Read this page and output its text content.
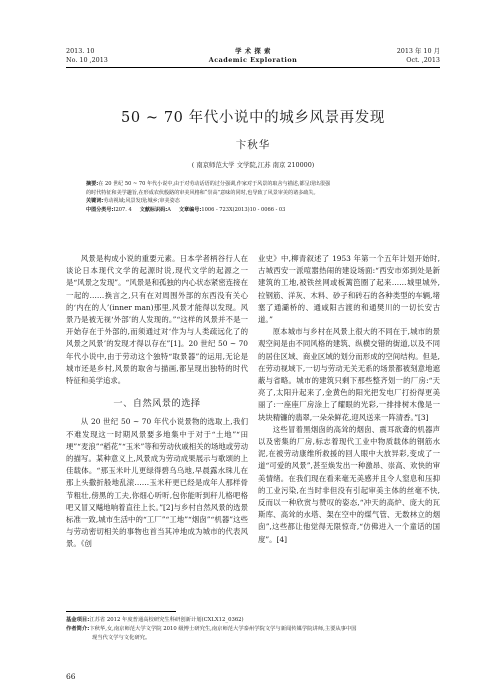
2013. 10
No. 10 ,2013
学 术 探 索
Academic Exploration
2013 年 10 月
Oct. ,2013
50 ~ 70 年代小说中的城乡风景再发现
卞秋华
( 南京师范大学 文学院,江苏 南京 210000)
摘要:在 20 世纪 50 ~ 70 年代小说中,由于对劳动话语的过分强调,作家对于风景的取舍与描述,都呈现出很强
的时代特征和美学趣旨,在形成农伙般路的审美风格和“崇高”意味的同时,也导致了风景审美的诸多疏失。
关键词:劳动视域;风景发现;城乡;审美姿态
中图分类号:I207. 4 文献标识码:A 文章编号:1006 - 723X(2013)10 - 0066 - 03

风景是构成小说的重要元素。日本学者柄谷行人在谈论日本现代文学的起源时说,现代文学的起源之一是“风景之发现”。“风景是和孤独的内心状态紧密连接在一起的……换言之,只有在对周围外部的东西没有关心的‘内在的人’(inner man)那里,风景才能得以发现。风景乃是被无视‘外部’的人发现的。”“这样的风景并不是一开始存在于外部的,而须通过对‘作为与人类疏远化了的风景之风景’的发现才得以存在”[1]。20 世纪 50 ~ 70 年代小说中,由于劳动这个独特“取景器”的运用,无论是城市还是乡村,风景的取舍与描画,都呈现出独特的时代特征和美学追求。

一、自然风景的选择

从 20 世纪 50 ~ 70 年代小说景物的选取上,我们不难发现这一时期风景要多地集中于对于“土地”“田埂”“麦浪”“稻花”“玉米”等和劳动伙戚相关的场地或劳动的描写。某种意义上,风景成为劳动成果展示与歌颂的上佳载体。“那玉米叶儿更绿得碧乌乌地,早晨露水珠儿在那上头撒折般地乱滚……玉米秆更已经是成年人那样骨节粗壮,傍黑的工夫,你细心听听,包你能听到秆儿格吧格吧又冒又飚地响着直往上长。”[2]与乡村自然风景的选景标准一致,城市生活中的“工厂”“工地”“烟囱”“机器”这些与劳动密切相关的事物也首当其冲地成为城市的代表风景。《创

业史》中,柳青叙述了 1953 年第一个五年计划开始时,古城西安一派喧嚣热闹的建设场面:“西安市郊到处是新建筑的工地,被铁丝网或板篱笆圈了起来……城里城外,拉钢筋、洋灰、木料、砂子和砖石的各种类型的车辆,堵塞了通灞桥的、通咸阳古渡的和通樊川的一切长安古道。”

原本城市与乡村在风景上很大的不同在于,城市的景观空间是由不同风格的建筑、纵横交错的街道,以及不同的居住区域、商业区域的划分而形成的空间结构。但是,在劳动视域下,一切与劳动无关无系的场景都被刻意地遮蔽与省略。城市的建筑只剩下那些整齐划一的厂房:“天亮了,太阳升起来了,金黄色的阳光把发电厂打扮得更美丽了:一座座厂房涂上了耀眼的光彩,一排排树木像是一块块精镰的翡翠,一朵朵鲜花,迎风送来一阵清香。”[3]

这些冒着黑烟囱的高耸的烟囱、震耳欲聋的机器声以及密集的厂房,标志着现代工业中物质载体的钢筋水泥,在被劳动康维所救援的回人眼中大放异彩,变成了一道“可爱的风景”,甚至焕发出一种激昂、崇高、欢快的审美情绪。在我们现在看来毫无美感并且令人窒息和压抑的工业污染,在当时非但没有引起审美主体的丝毫不快,反而以一种欣赏与赞叹的姿态,“冲天的高炉、庞大的瓦斯库、高耸的水塔、架在空中的煤气管、无数林立的烟囱”,这些都让他觉得无限惊奇,“仿佛进入一个童话的国度”。[4]

基金项目:江苏省 2012 年度普通高校研究生科研创新计划(CXLX12_0362)
作者简介:卞秋华,女,南京师范大学文学院 2010 级博士研究生,南京师范大学泰州学院文学与新闻传媒学院讲师,主要从事中国
现当代文学与文化研究。
66
